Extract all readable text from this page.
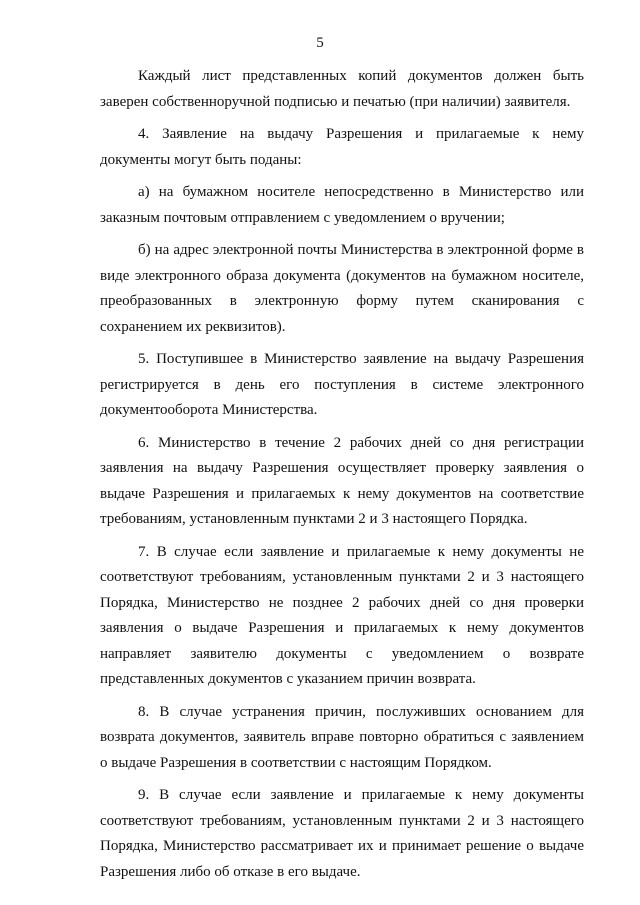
5

Каждый лист представленных копий документов должен быть заверен собственноручной подписью и печатью (при наличии) заявителя.

4. Заявление на выдачу Разрешения и прилагаемые к нему документы могут быть поданы:

а) на бумажном носителе непосредственно в Министерство или заказным почтовым отправлением с уведомлением о вручении;

б) на адрес электронной почты Министерства в электронной форме в виде электронного образа документа (документов на бумажном носителе, преобразованных в электронную форму путем сканирования с сохранением их реквизитов).

5. Поступившее в Министерство заявление на выдачу Разрешения регистрируется в день его поступления в системе электронного документооборота Министерства.

6. Министерство в течение 2 рабочих дней со дня регистрации заявления на выдачу Разрешения осуществляет проверку заявления о выдаче Разрешения и прилагаемых к нему документов на соответствие требованиям, установленным пунктами 2 и 3 настоящего Порядка.

7. В случае если заявление и прилагаемые к нему документы не соответствуют требованиям, установленным пунктами 2 и 3 настоящего Порядка, Министерство не позднее 2 рабочих дней со дня проверки заявления о выдаче Разрешения и прилагаемых к нему документов направляет заявителю документы с уведомлением о возврате представленных документов с указанием причин возврата.

8. В случае устранения причин, послуживших основанием для возврата документов, заявитель вправе повторно обратиться с заявлением о выдаче Разрешения в соответствии с настоящим Порядком.

9. В случае если заявление и прилагаемые к нему документы соответствуют требованиям, установленным пунктами 2 и 3 настоящего Порядка, Министерство рассматривает их и принимает решение о выдаче Разрешения либо об отказе в его выдаче.
